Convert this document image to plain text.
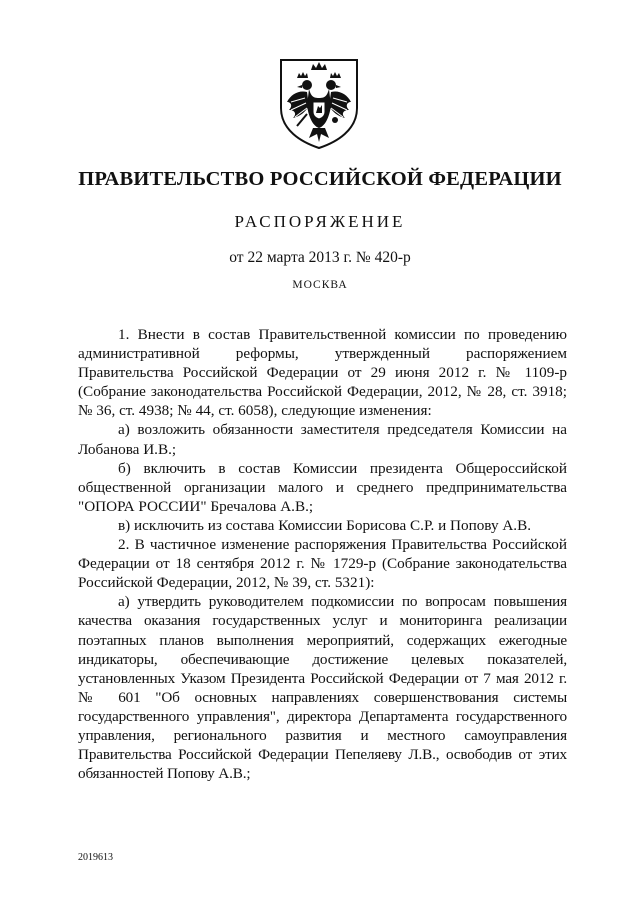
ПРАВИТЕЛЬСТВО РОССИЙСКОЙ ФЕДЕРАЦИИ
РАСПОРЯЖЕНИЕ
от 22 марта 2013 г. № 420-р
МОСКВА

1. Внести в состав Правительственной комиссии по проведению административной реформы, утвержденный распоряжением Правительства Российской Федерации от 29 июня 2012 г. № 1109-р (Собрание законодательства Российской Федерации, 2012, № 28, ст. 3918; № 36, ст. 4938; № 44, ст. 6058), следующие изменения:

а) возложить обязанности заместителя председателя Комиссии на Лобанова И.В.;

б) включить в состав Комиссии президента Общероссийской общественной организации малого и среднего предпринимательства "ОПОРА РОССИИ" Бречалова А.В.;

в) исключить из состава Комиссии Борисова С.Р. и Попову А.В.

2. В частичное изменение распоряжения Правительства Российской Федерации от 18 сентября 2012 г. № 1729-р (Собрание законодательства Российской Федерации, 2012, № 39, ст. 5321):

а) утвердить руководителем подкомиссии по вопросам повышения качества оказания государственных услуг и мониторинга реализации поэтапных планов выполнения мероприятий, содержащих ежегодные индикаторы, обеспечивающие достижение целевых показателей, установленных Указом Президента Российской Федерации от 7 мая 2012 г. № 601 "Об основных направлениях совершенствования системы государственного управления", директора Департамента государственного управления, регионального развития и местного самоуправления Правительства Российской Федерации Пепеляеву Л.В., освободив от этих обязанностей Попову А.В.;

2019613
